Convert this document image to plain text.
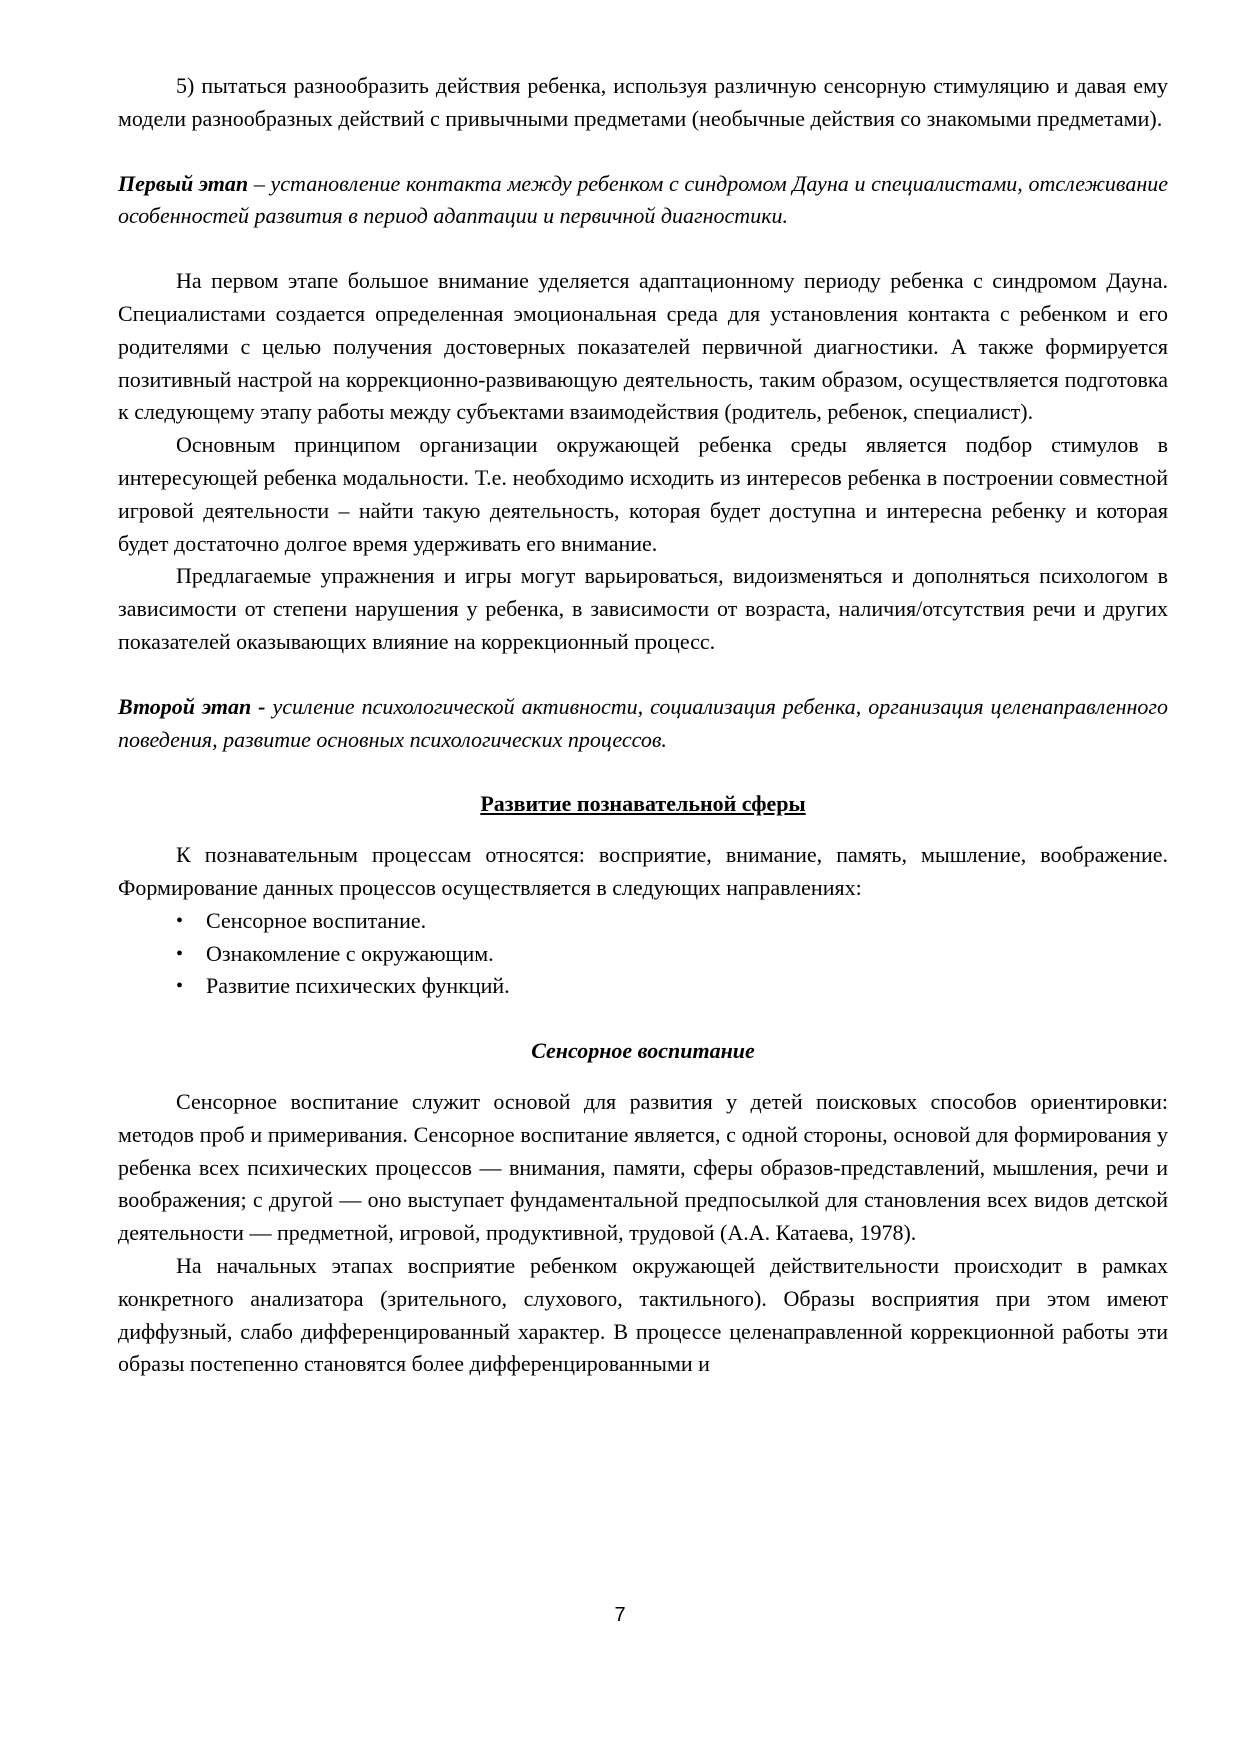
5) пытаться разнообразить действия ребенка, используя различную сенсорную стимуляцию и давая ему модели разнообразных действий с привычными предметами (необычные действия со знакомыми предметами).

Первый этап – установление контакта между ребенком с синдромом Дауна и специалистами, отслеживание особенностей развития в период адаптации и первичной диагностики.

На первом этапе большое внимание уделяется адаптационному периоду ребенка с синдромом Дауна. Специалистами создается определенная эмоциональная среда для установления контакта с ребенком и его родителями с целью получения достоверных показателей первичной диагностики. А также формируется позитивный настрой на коррекционно-развивающую деятельность, таким образом, осуществляется подготовка к следующему этапу работы между субъектами взаимодействия (родитель, ребенок, специалист).

Основным принципом организации окружающей ребенка среды является подбор стимулов в интересующей ребенка модальности. Т.е. необходимо исходить из интересов ребенка в построении совместной игровой деятельности – найти такую деятельность, которая будет доступна и интересна ребенку и которая будет достаточно долгое время удерживать его внимание.

Предлагаемые упражнения и игры могут варьироваться, видоизменяться и дополняться психологом в зависимости от степени нарушения у ребенка, в зависимости от возраста, наличия/отсутствия речи и других показателей оказывающих влияние на коррекционный процесс.

Второй этап - усиление психологической активности, социализация ребенка, организация целенаправленного поведения, развитие основных психологических процессов.

Развитие познавательной сферы

К познавательным процессам относятся: восприятие, внимание, память, мышление, воображение. Формирование данных процессов осуществляется в следующих направлениях:

• Сенсорное воспитание.
• Ознакомление с окружающим.
• Развитие психических функций.

Сенсорное воспитание

Сенсорное воспитание служит основой для развития у детей поисковых способов ориентировки: методов проб и примеривания. Сенсорное воспитание является, с одной стороны, основой для формирования у ребенка всех психических процессов — внимания, памяти, сферы образов-представлений, мышления, речи и воображения; с другой — оно выступает фундаментальной предпосылкой для становления всех видов детской деятельности — предметной, игровой, продуктивной, трудовой (А.А. Катаева, 1978).

На начальных этапах восприятие ребенком окружающей действительности происходит в рамках конкретного анализатора (зрительного, слухового, тактильного). Образы восприятия при этом имеют диффузный, слабо дифференцированный характер. В процессе целенаправленной коррекционной работы эти образы постепенно становятся более дифференцированными и

7
